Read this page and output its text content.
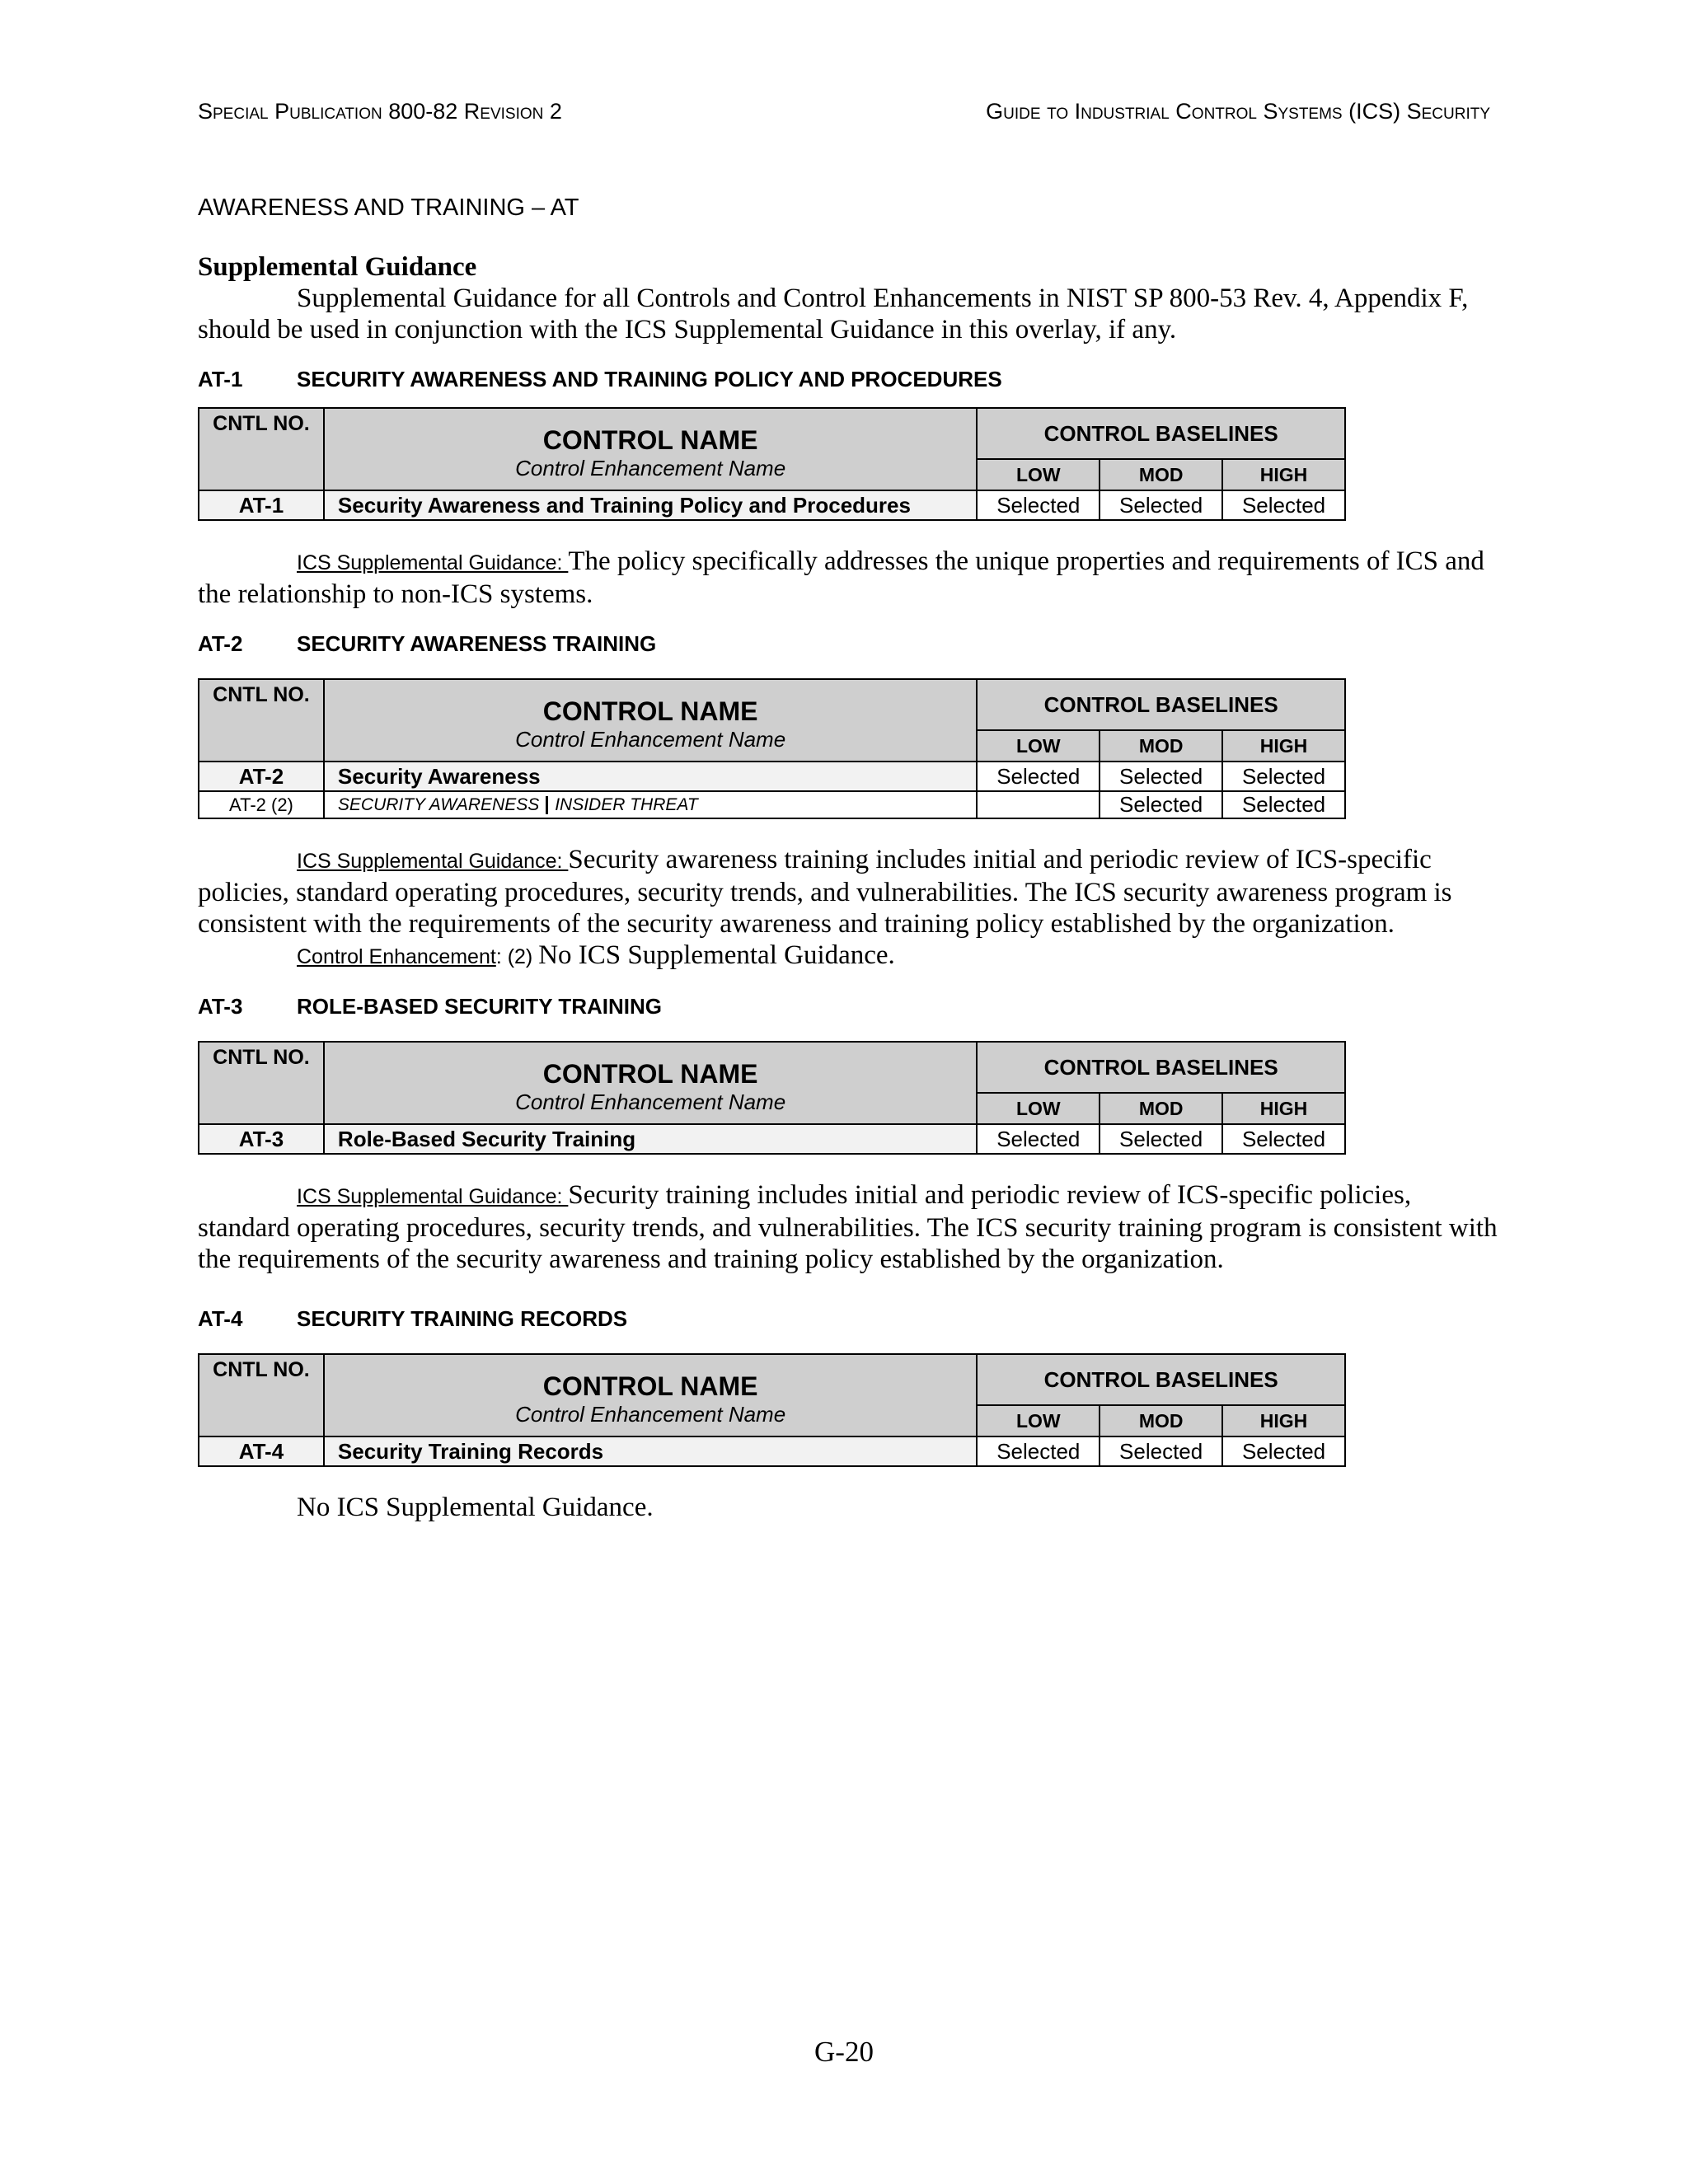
Special Publication 800-82 Revision 2	Guide to Industrial Control Systems (ICS) Security
AWARENESS AND TRAINING – AT
Supplemental Guidance

Supplemental Guidance for all Controls and Control Enhancements in NIST SP 800-53 Rev. 4, Appendix F, should be used in conjunction with the ICS Supplemental Guidance in this overlay, if any.

AT-1	SECURITY AWARENESS AND TRAINING POLICY AND PROCEDURES
CNTL NO.	CONTROL NAME
Control Enhancement Name	CONTROL BASELINES		
		LOW	MOD	HIGH
AT-1	Security Awareness and Training Policy and Procedures	Selected	Selected	Selected

ICS Supplemental Guidance: The policy specifically addresses the unique properties and requirements of ICS and the relationship to non-ICS systems.

AT-2	SECURITY AWARENESS TRAINING
CNTL NO.	CONTROL NAME
Control Enhancement Name	CONTROL BASELINES		
		LOW	MOD	HIGH
AT-2	Security Awareness	Selected	Selected	Selected
AT-2 (2)	SECURITY AWARENESS INSIDER THREAT		Selected	Selected

ICS Supplemental Guidance: Security awareness training includes initial and periodic review of ICS-specific policies, standard operating procedures, security trends, and vulnerabilities. The ICS security awareness program is consistent with the requirements of the security awareness and training policy established by the organization.

Control Enhancement: (2) No ICS Supplemental Guidance.

AT-3	ROLE-BASED SECURITY TRAINING
CNTL NO.	CONTROL NAME
Control Enhancement Name	CONTROL BASELINES		
		LOW	MOD	HIGH
AT-3	Role-Based Security Training	Selected	Selected	Selected

ICS Supplemental Guidance: Security training includes initial and periodic review of ICS-specific policies, standard operating procedures, security trends, and vulnerabilities. The ICS security training program is consistent with the requirements of the security awareness and training policy established by the organization.

AT-4	SECURITY TRAINING RECORDS
CNTL NO.	CONTROL NAME
Control Enhancement Name	CONTROL BASELINES		
		LOW	MOD	HIGH
AT-4	Security Training Records	Selected	Selected	Selected

No ICS Supplemental Guidance.

G-20
